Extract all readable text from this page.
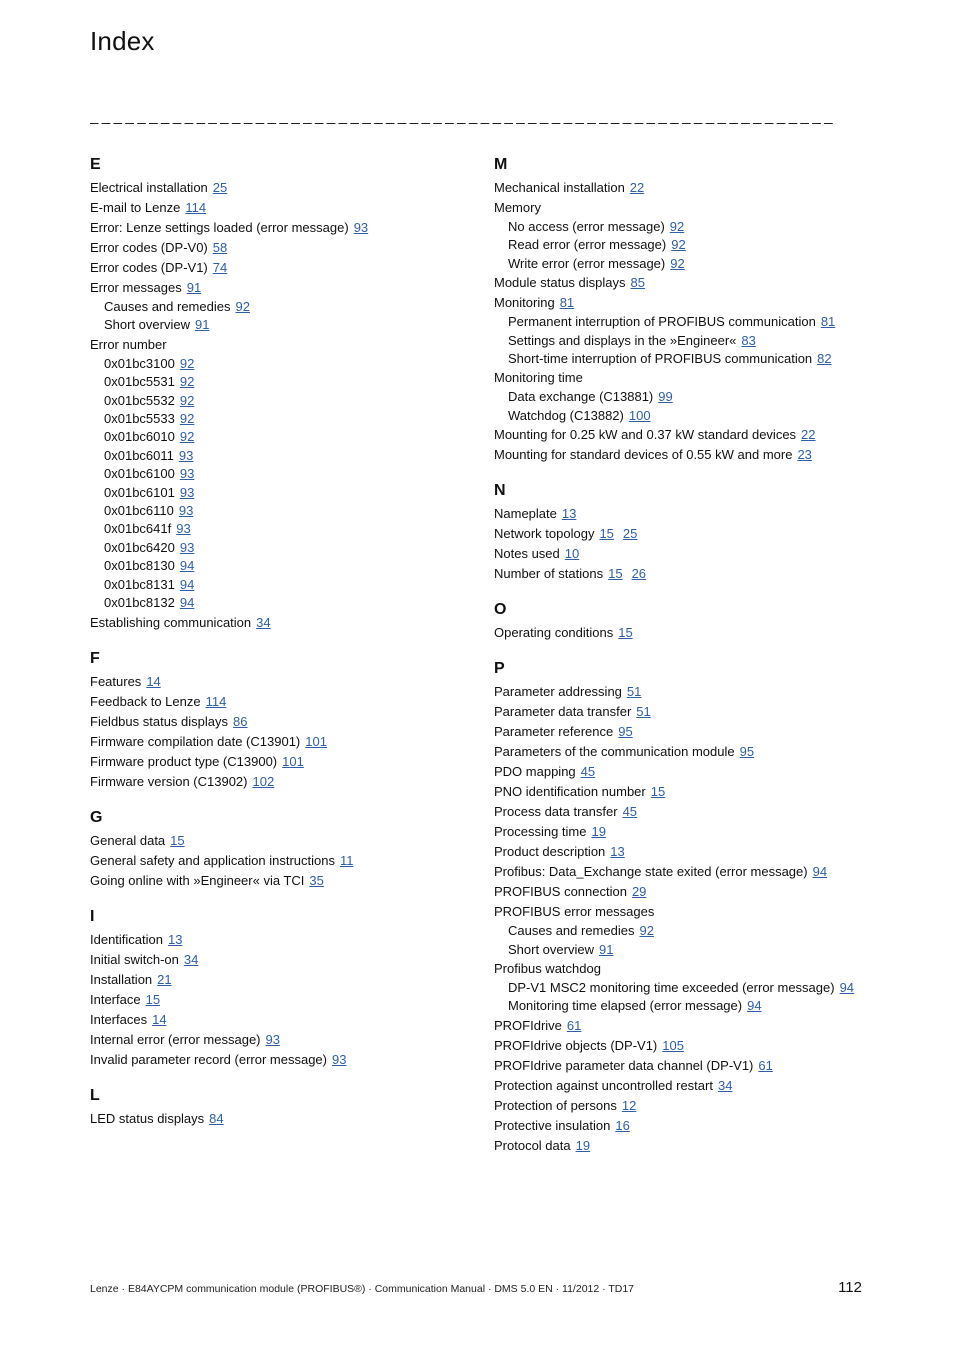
Index
_______________________________________________________________
E
Electrical installation 25
E-mail to Lenze 114
Error: Lenze settings loaded (error message) 93
Error codes (DP-V0) 58
Error codes (DP-V1) 74
Error messages 91
Causes and remedies 92
Short overview 91
Error number
0x01bc3100 92
0x01bc5531 92
0x01bc5532 92
0x01bc5533 92
0x01bc6010 92
0x01bc6011 93
0x01bc6100 93
0x01bc6101 93
0x01bc6110 93
0x01bc641f 93
0x01bc6420 93
0x01bc8130 94
0x01bc8131 94
0x01bc8132 94
Establishing communication 34
F
Features 14
Feedback to Lenze 114
Fieldbus status displays 86
Firmware compilation date (C13901) 101
Firmware product type (C13900) 101
Firmware version (C13902) 102
G
General data 15
General safety and application instructions 11
Going online with »Engineer« via TCI 35
I
Identification 13
Initial switch-on 34
Installation 21
Interface 15
Interfaces 14
Internal error (error message) 93
Invalid parameter record (error message) 93
L
LED status displays 84
M
Mechanical installation 22
Memory
No access (error message) 92
Read error (error message) 92
Write error (error message) 92
Module status displays 85
Monitoring 81
Permanent interruption of PROFIBUS communication 81
Settings and displays in the »Engineer« 83
Short-time interruption of PROFIBUS communication 82
Monitoring time
Data exchange (C13881) 99
Watchdog (C13882) 100
Mounting for 0.25 kW and 0.37 kW standard devices 22
Mounting for standard devices of 0.55 kW and more 23
N
Nameplate 13
Network topology 15 25
Notes used 10
Number of stations 15 26
O
Operating conditions 15
P
Parameter addressing 51
Parameter data transfer 51
Parameter reference 95
Parameters of the communication module 95
PDO mapping 45
PNO identification number 15
Process data transfer 45
Processing time 19
Product description 13
Profibus: Data_Exchange state exited (error message) 94
PROFIBUS connection 29
PROFIBUS error messages
Causes and remedies 92
Short overview 91
Profibus watchdog
DP-V1 MSC2 monitoring time exceeded (error message) 94
Monitoring time elapsed (error message) 94
PROFIdrive 61
PROFIdrive objects (DP-V1) 105
PROFIdrive parameter data channel (DP-V1) 61
Protection against uncontrolled restart 34
Protection of persons 12
Protective insulation 16
Protocol data 19
Lenze · E84AYCPM communication module (PROFIBUS®) · Communication Manual · DMS 5.0 EN · 11/2012 · TD17	112
